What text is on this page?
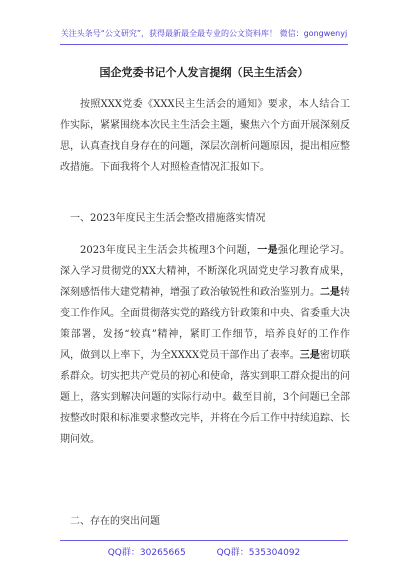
关注头条号“公文研究”，获得最新最全最专业的公文资料库！ 微信：gongwenyj
国企党委书记个人发言提纲（民主生活会）

按照XXX党委《XXX民主生活会的通知》要求，本人结合工作实际，紧紧围绕本次民主生活会主题，聚焦六个方面开展深刻反思，认真查找自身存在的问题，深层次剖析问题原因，提出相应整改措施。下面我将个人对照检查情况汇报如下。

一、2023年度民主生活会整改措施落实情况

2023年度民主生活会共梳理3个问题，一是强化理论学习。深入学习贯彻党的XX大精神，不断深化巩固党史学习教育成果，深刻感悟伟大建党精神，增强了政治敏锐性和政治鉴别力。二是转变工作作风。全面贯彻落实党的路线方针政策和中央、省委重大决策部署，发扬“较真”精神，紧盯工作细节，培养良好的工作作风，做到以上率下，为全XXXX党员干部作出了表率。三是密切联系群众。切实把共产党员的初心和使命，落实到职工群众提出的问题上，落实到解决问题的实际行动中。截至目前，3个问题已全部按整改时限和标准要求整改完毕，并将在今后工作中持续追踪、长期问效。

二、存在的突出问题

QQ群：30265665	QQ群：535304092
